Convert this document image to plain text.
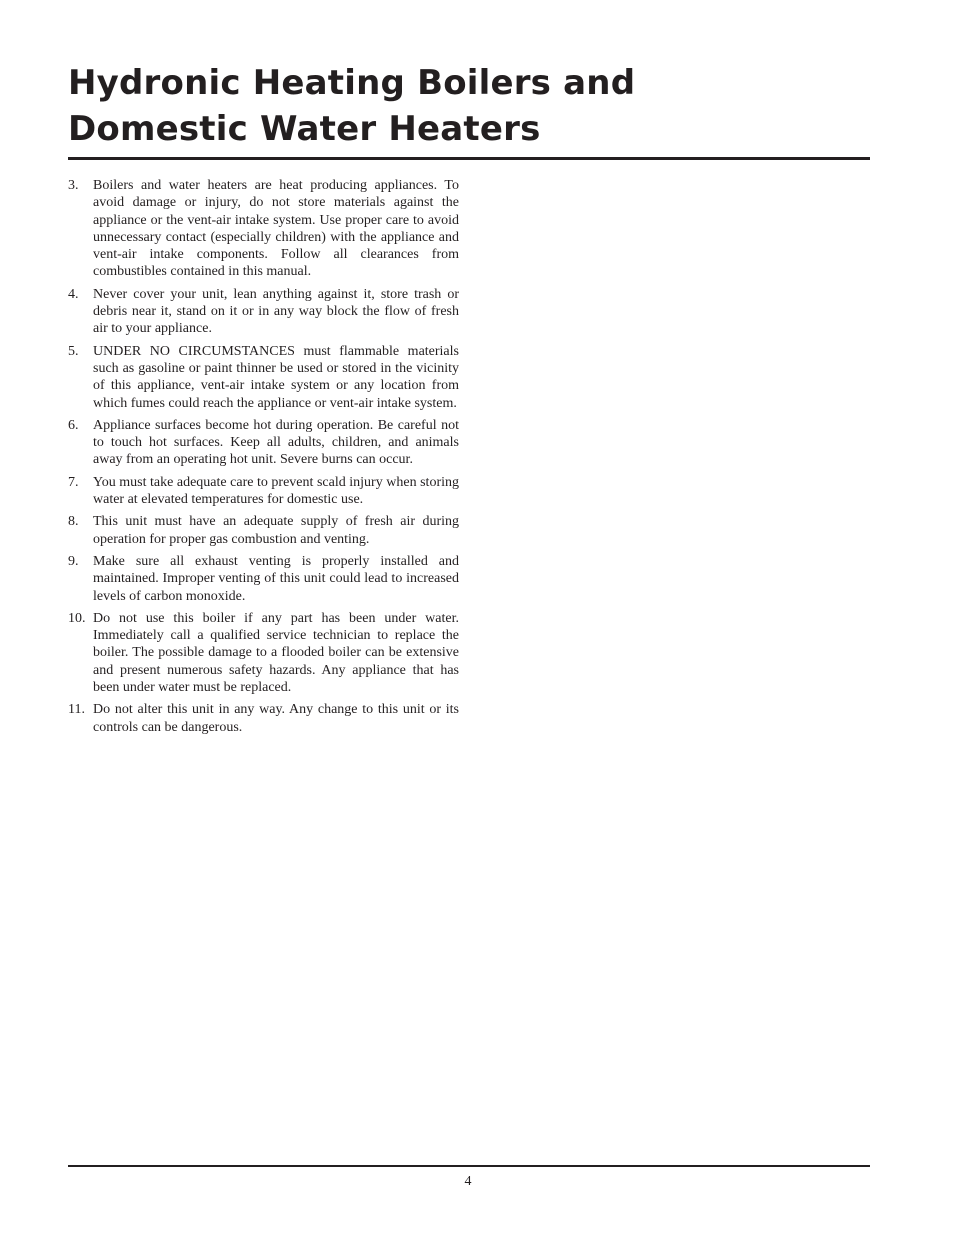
Hydronic Heating Boilers and
Domestic Water Heaters
3. Boilers and water heaters are heat producing appliances. To avoid damage or injury, do not store materials against the appliance or the vent-air intake system. Use proper care to avoid unnecessary contact (especially children) with the appliance and vent-air intake components. Follow all clearances from combustibles contained in this manual.
4. Never cover your unit, lean anything against it, store trash or debris near it, stand on it or in any way block the flow of fresh air to your appliance.
5. UNDER NO CIRCUMSTANCES must flammable materials such as gasoline or paint thinner be used or stored in the vicinity of this appliance, vent-air intake system or any location from which fumes could reach the appliance or vent-air intake system.
6. Appliance surfaces become hot during operation. Be careful not to touch hot surfaces. Keep all adults, children, and animals away from an operating hot unit. Severe burns can occur.
7. You must take adequate care to prevent scald injury when storing water at elevated temperatures for domestic use.
8. This unit must have an adequate supply of fresh air during operation for proper gas combustion and venting.
9. Make sure all exhaust venting is properly installed and maintained. Improper venting of this unit could lead to increased levels of carbon monoxide.
10. Do not use this boiler if any part has been under water. Immediately call a qualified service technician to replace the boiler. The possible damage to a flooded boiler can be extensive and present numerous safety hazards. Any appliance that has been under water must be replaced.
11. Do not alter this unit in any way. Any change to this unit or its controls can be dangerous.
4
